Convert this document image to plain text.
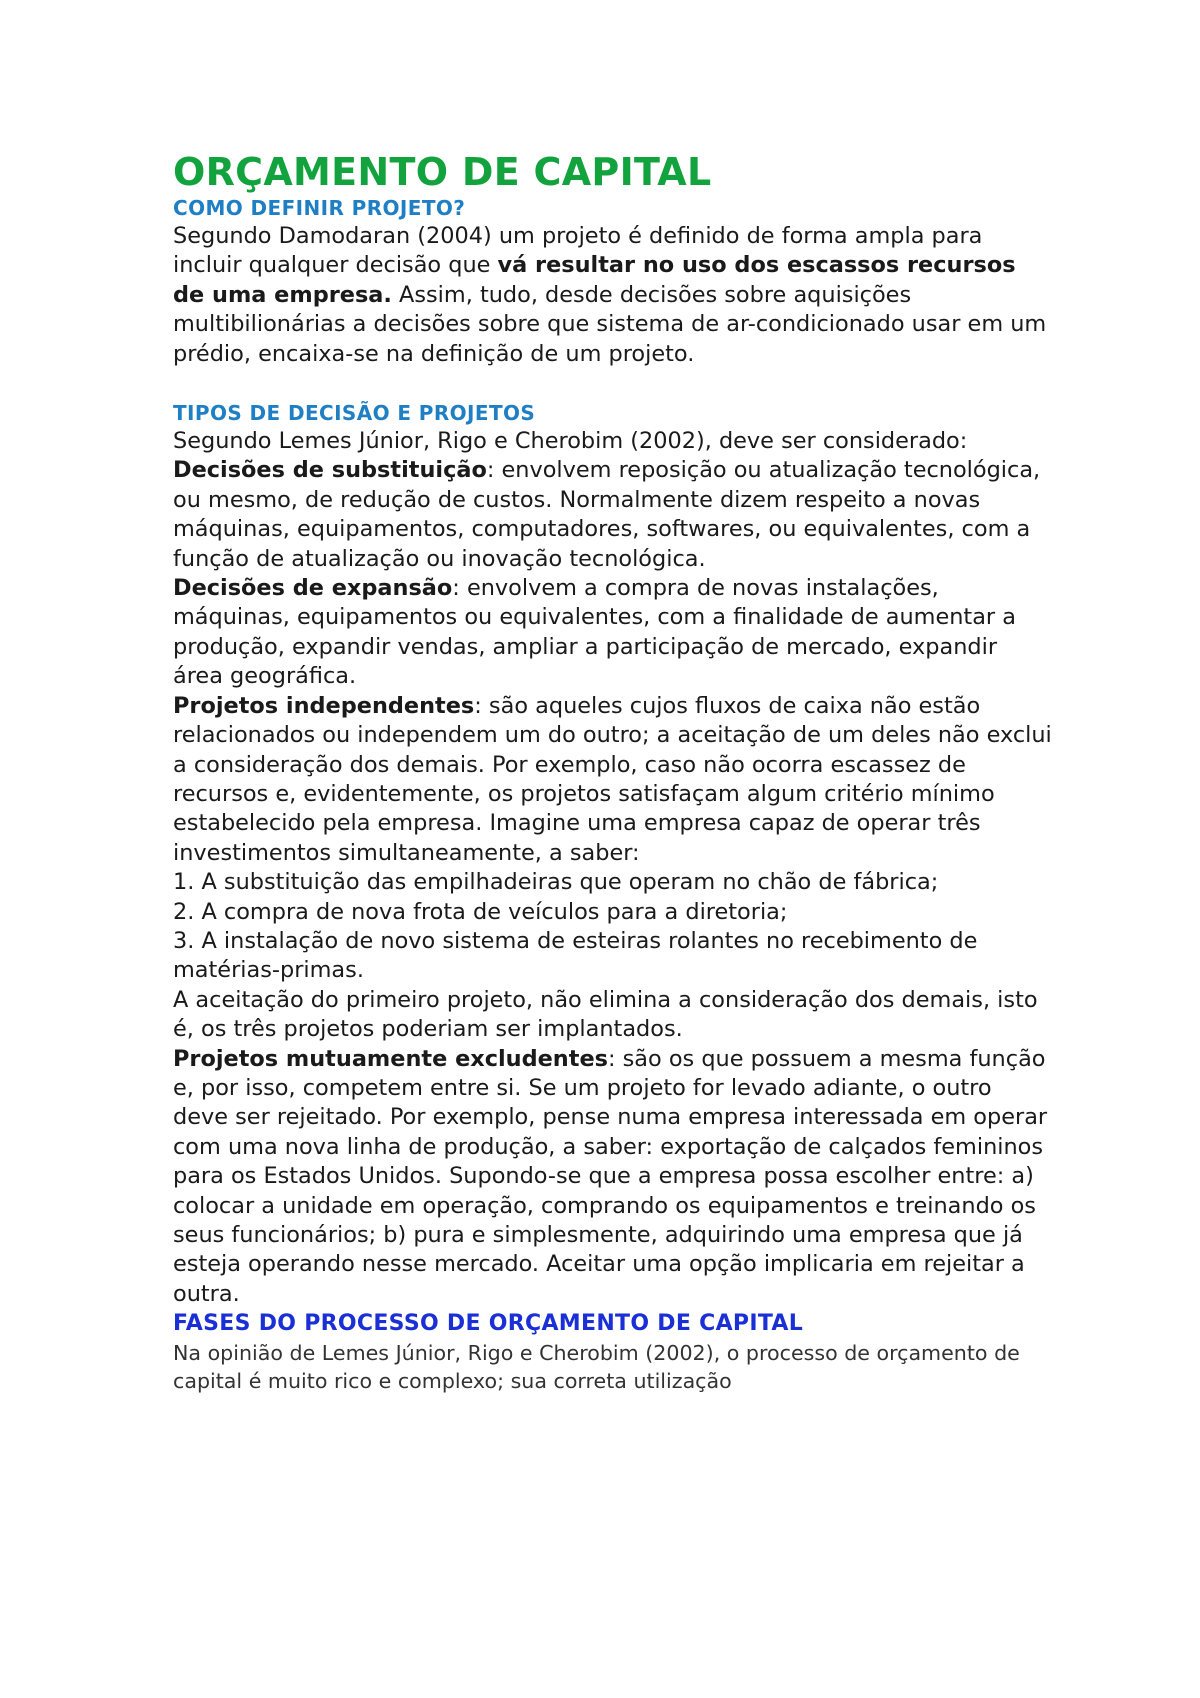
ORÇAMENTO DE CAPITAL
COMO DEFINIR PROJETO?

Segundo Damodaran (2004) um projeto é definido de forma ampla para incluir qualquer decisão que vá resultar no uso dos escassos recursos de uma empresa. Assim, tudo, desde decisões sobre aquisições multibilionárias a decisões sobre que sistema de ar-condicionado usar em um prédio, encaixa-se na definição de um projeto.

TIPOS DE DECISÃO E PROJETOS

Segundo Lemes Júnior, Rigo e Cherobim (2002), deve ser considerado:

Decisões de substituição: envolvem reposição ou atualização tecnológica, ou mesmo, de redução de custos. Normalmente dizem respeito a novas máquinas, equipamentos, computadores, softwares, ou equivalentes, com a função de atualização ou inovação tecnológica.

Decisões de expansão: envolvem a compra de novas instalações, máquinas, equipamentos ou equivalentes, com a finalidade de aumentar a produção, expandir vendas, ampliar a participação de mercado, expandir área geográfica.

Projetos independentes: são aqueles cujos fluxos de caixa não estão relacionados ou independem um do outro; a aceitação de um deles não exclui a consideração dos demais. Por exemplo, caso não ocorra escassez de recursos e, evidentemente, os projetos satisfaçam algum critério mínimo estabelecido pela empresa. Imagine uma empresa capaz de operar três investimentos simultaneamente, a saber:

1. A substituição das empilhadeiras que operam no chão de fábrica;

2. A compra de nova frota de veículos para a diretoria;

3. A instalação de novo sistema de esteiras rolantes no recebimento de matérias-primas.

A aceitação do primeiro projeto, não elimina a consideração dos demais, isto é, os três projetos poderiam ser implantados.

Projetos mutuamente excludentes: são os que possuem a mesma função e, por isso, competem entre si. Se um projeto for levado adiante, o outro deve ser rejeitado. Por exemplo, pense numa empresa interessada em operar com uma nova linha de produção, a saber: exportação de calçados femininos para os Estados Unidos. Supondo-se que a empresa possa escolher entre: a) colocar a unidade em operação, comprando os equipamentos e treinando os seus funcionários; b) pura e simplesmente, adquirindo uma empresa que já esteja operando nesse mercado. Aceitar uma opção implicaria em rejeitar a outra.

FASES DO PROCESSO DE ORÇAMENTO DE CAPITAL

Na opinião de Lemes Júnior, Rigo e Cherobim (2002), o processo de orçamento de capital é muito rico e complexo; sua correta utilização
